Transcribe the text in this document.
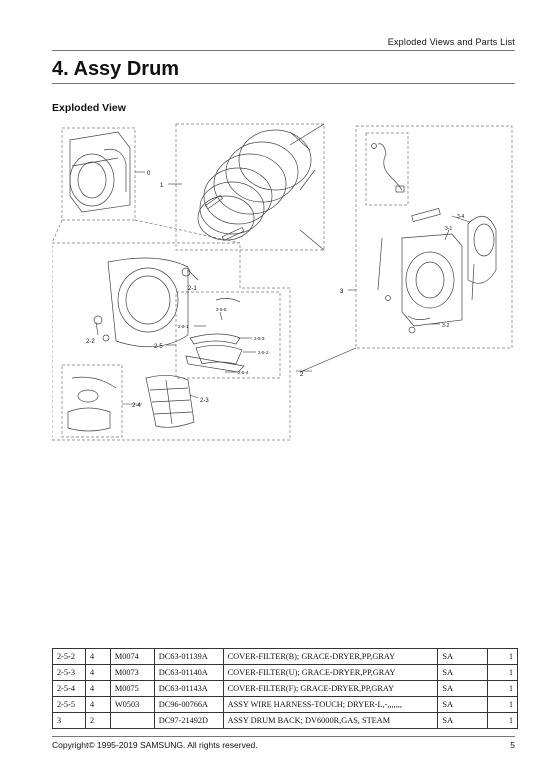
Exploded Views and Parts List
4. Assy Drum
Exploded View
0
1
2
3
2-1
2-2
2-3
2-4
2-5
2-5-1
2-5-2
2-5-3
2-5-4
2-5-5
3-1
3-2
3-4
2-5-2	4	M0074	DC63-01139A	COVER-FILTER(B); GRACE-DRYER,PP,GRAY	SA	1
2-5-3	4	M0073	DC63-01140A	COVER-FILTER(U); GRACE-DRYER,PP,GRAY	SA	1
2-5-4	4	M0075	DC63-01143A	COVER-FILTER(F); GRACE-DRYER,PP,GRAY	SA	1
2-5-5	4	W0503	DC96-00766A	ASSY WIRE HARNESS-TOUCH; DRYER-L,-,,,,,,,	SA	1
3	2		DC97-21492D	ASSY DRUM BACK; DV6000R,GAS, STEAM	SA	1
Copyright© 1995-2019 SAMSUNG. All rights reserved.	5
